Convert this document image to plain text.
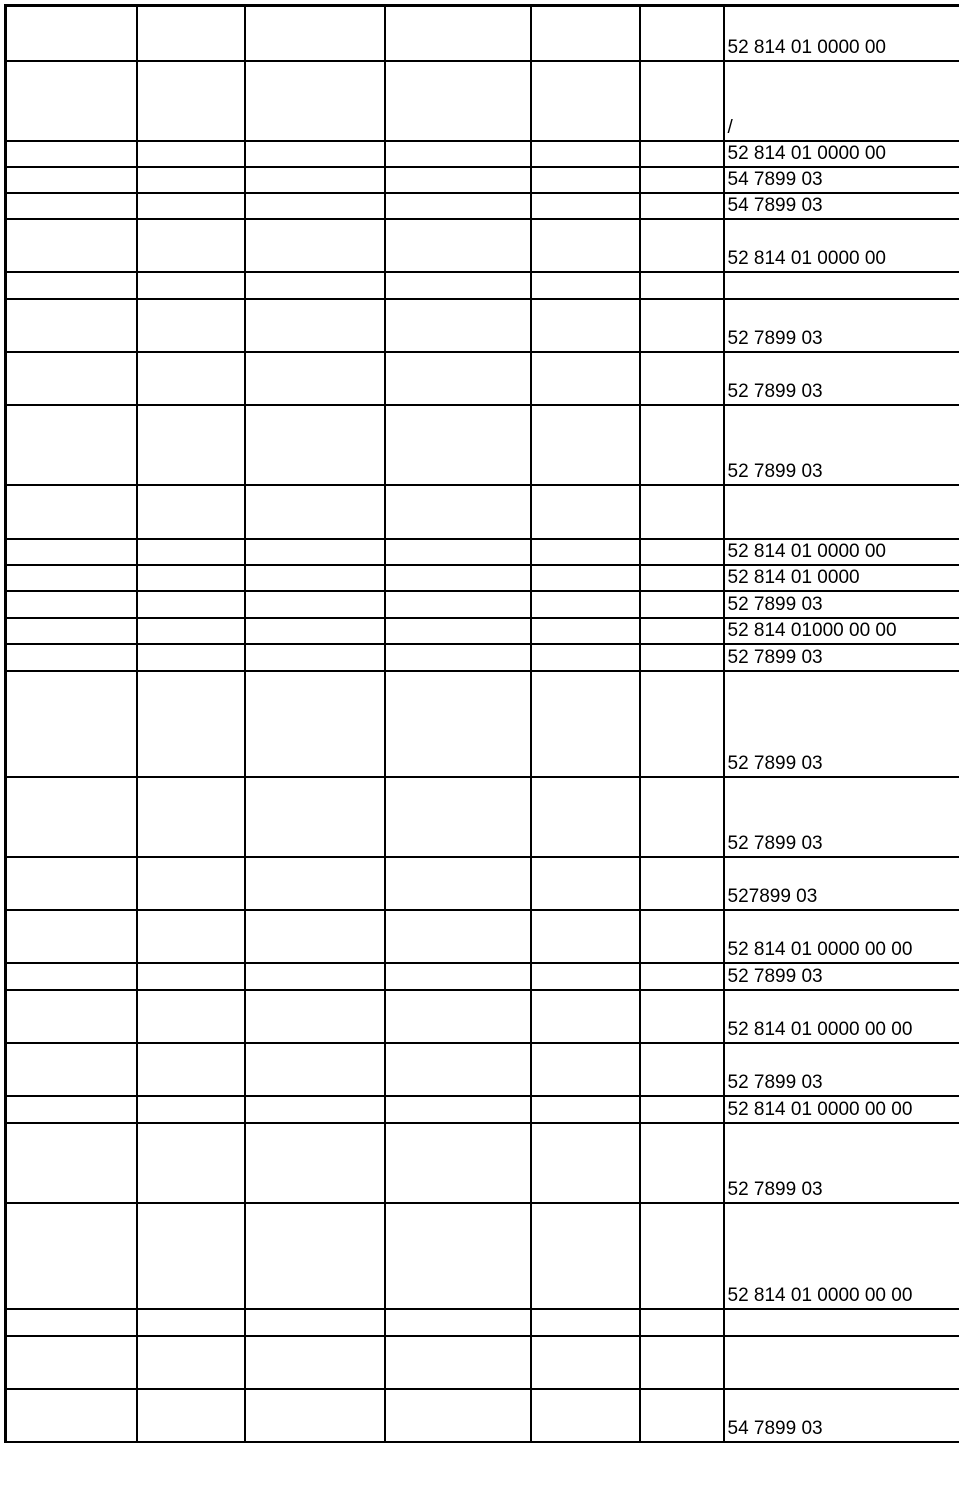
						52 814 01 0000 00

						/

						52 814 01 0000 00

						54 7899 03

						54 7899 03

						52 814 01 0000 00

						52 7899 03

						52 7899 03

						52 7899 03

						52 814 01 0000 00

						52 814 01 0000

						52 7899 03

						52 814 01000 00 00

						52 7899 03

						52 7899 03

						52 7899 03

						527899 03

						52 814 01 0000 00 00

						52 7899 03

						52 814 01 0000 00 00

						52 7899 03

						52 814 01 0000 00 00

						52 7899 03

						52 814 01 0000 00 00

						54 7899 03
